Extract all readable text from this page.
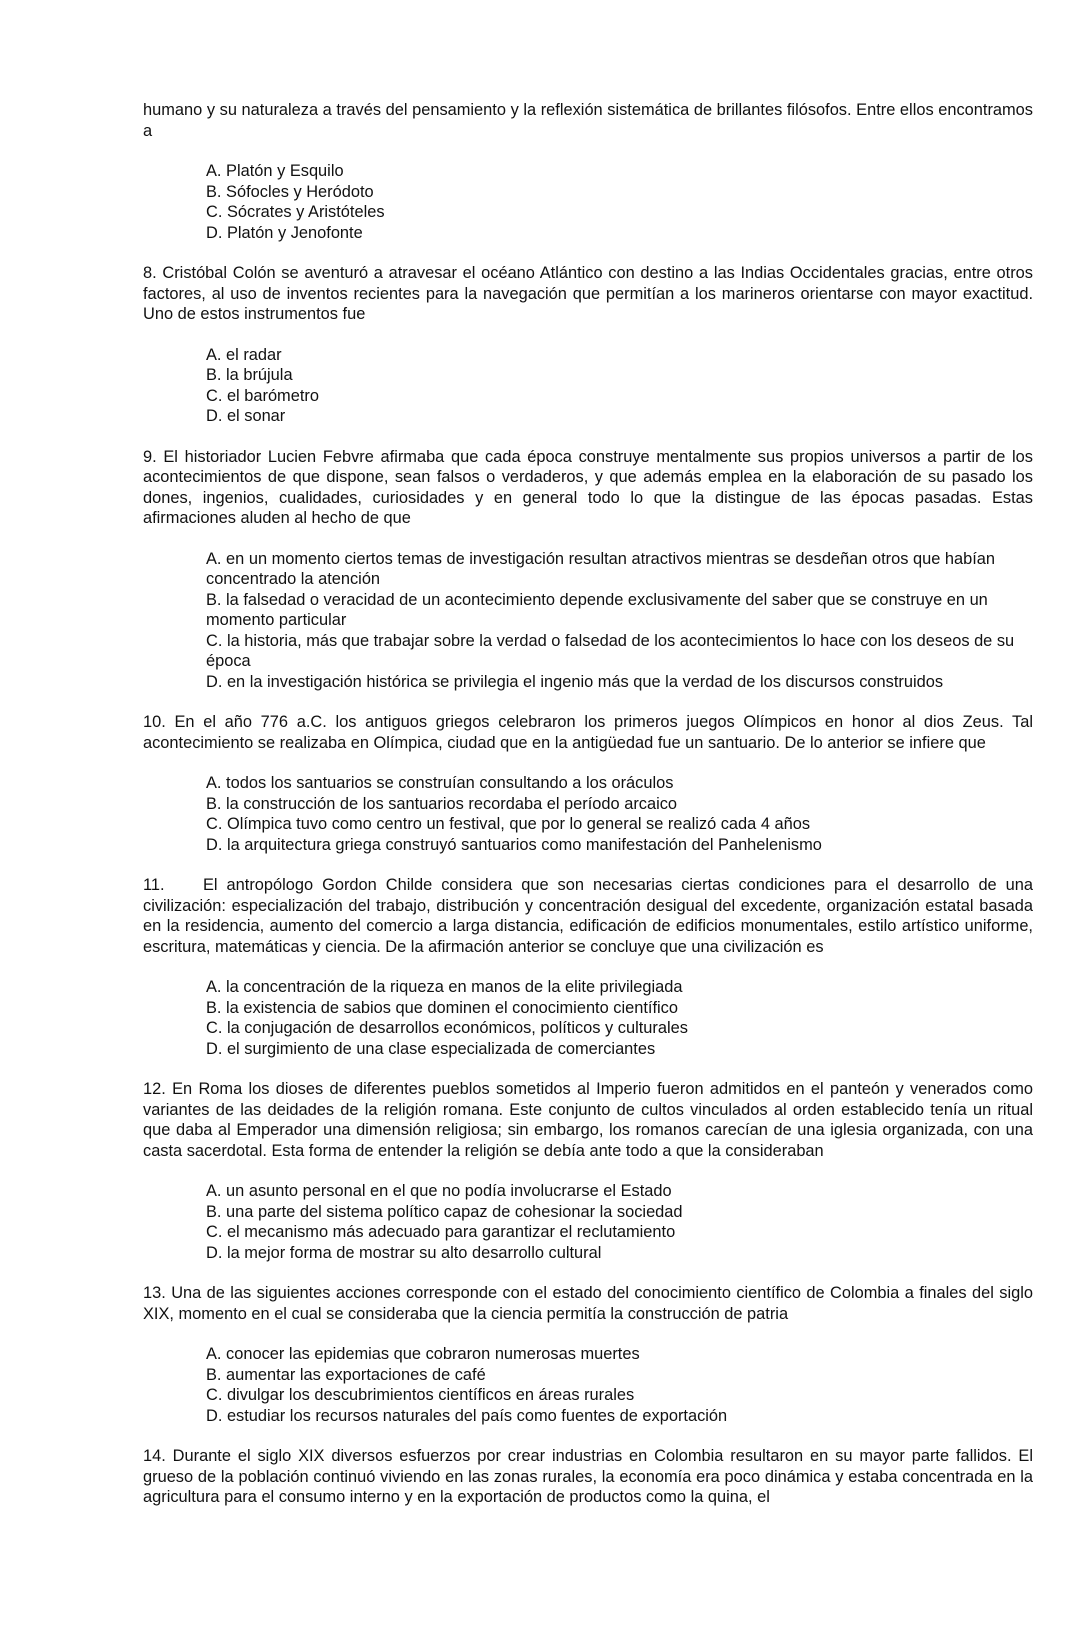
humano y su naturaleza a través del pensamiento y la reflexión sistemática de brillantes filósofos. Entre ellos encontramos a

A. Platón y Esquilo
B. Sófocles y Heródoto
C. Sócrates y Aristóteles
D. Platón y Jenofonte

8. Cristóbal Colón se aventuró a atravesar el océano Atlántico con destino a las Indias Occidentales gracias, entre otros factores, al uso de inventos recientes para la navegación que permitían a los marineros orientarse con mayor exactitud. Uno de estos instrumentos fue

A. el radar
B. la brújula
C. el barómetro
D. el sonar

9. El historiador Lucien Febvre afirmaba que cada época construye mentalmente sus propios universos a partir de los acontecimientos de que dispone, sean falsos o verdaderos, y que además emplea en la elaboración de su pasado los dones, ingenios, cualidades, curiosidades y en general todo lo que la distingue de las épocas pasadas. Estas afirmaciones aluden al hecho de que

A. en un momento ciertos temas de investigación resultan atractivos mientras se desdeñan otros que habían concentrado la atención
B. la falsedad o veracidad de un acontecimiento depende exclusivamente del saber que se construye en un momento particular
C. la historia, más que trabajar sobre la verdad o falsedad de los acontecimientos lo hace con los deseos de su época
D. en la investigación histórica se privilegia el ingenio más que la verdad de los discursos construidos

10. En el año 776 a.C. los antiguos griegos celebraron los primeros juegos Olímpicos en honor al dios Zeus. Tal acontecimiento se realizaba en Olímpica, ciudad que en la antigüedad fue un santuario. De lo anterior se infiere que

A. todos los santuarios se construían consultando a los oráculos
B. la construcción de los santuarios recordaba el período arcaico
C. Olímpica tuvo como centro un festival, que por lo general se realizó cada 4 años
D. la arquitectura griega construyó santuarios como manifestación del Panhelenismo

11. El antropólogo Gordon Childe considera que son necesarias ciertas condiciones para el desarrollo de una civilización: especialización del trabajo, distribución y concentración desigual del excedente, organización estatal basada en la residencia, aumento del comercio a larga distancia, edificación de edificios monumentales, estilo artístico uniforme, escritura, matemáticas y ciencia. De la afirmación anterior se concluye que una civilización es

A. la concentración de la riqueza en manos de la elite privilegiada
B. la existencia de sabios que dominen el conocimiento científico
C. la conjugación de desarrollos económicos, políticos y culturales
D. el surgimiento de una clase especializada de comerciantes

12. En Roma los dioses de diferentes pueblos sometidos al Imperio fueron admitidos en el panteón y venerados como variantes de las deidades de la religión romana. Este conjunto de cultos vinculados al orden establecido tenía un ritual que daba al Emperador una dimensión religiosa; sin embargo, los romanos carecían de una iglesia organizada, con una casta sacerdotal. Esta forma de entender la religión se debía ante todo a que la consideraban

A. un asunto personal en el que no podía involucrarse el Estado
B. una parte del sistema político capaz de cohesionar la sociedad
C. el mecanismo más adecuado para garantizar el reclutamiento
D. la mejor forma de mostrar su alto desarrollo cultural

13. Una de las siguientes acciones corresponde con el estado del conocimiento científico de Colombia a finales del siglo XIX, momento en el cual se consideraba que la ciencia permitía la construcción de patria

A. conocer las epidemias que cobraron numerosas muertes
B. aumentar las exportaciones de café
C. divulgar los descubrimientos científicos en áreas rurales
D. estudiar los recursos naturales del país como fuentes de exportación

14. Durante el siglo XIX diversos esfuerzos por crear industrias en Colombia resultaron en su mayor parte fallidos. El grueso de la población continuó viviendo en las zonas rurales, la economía era poco dinámica y estaba concentrada en la agricultura para el consumo interno y en la exportación de productos como la quina, el
